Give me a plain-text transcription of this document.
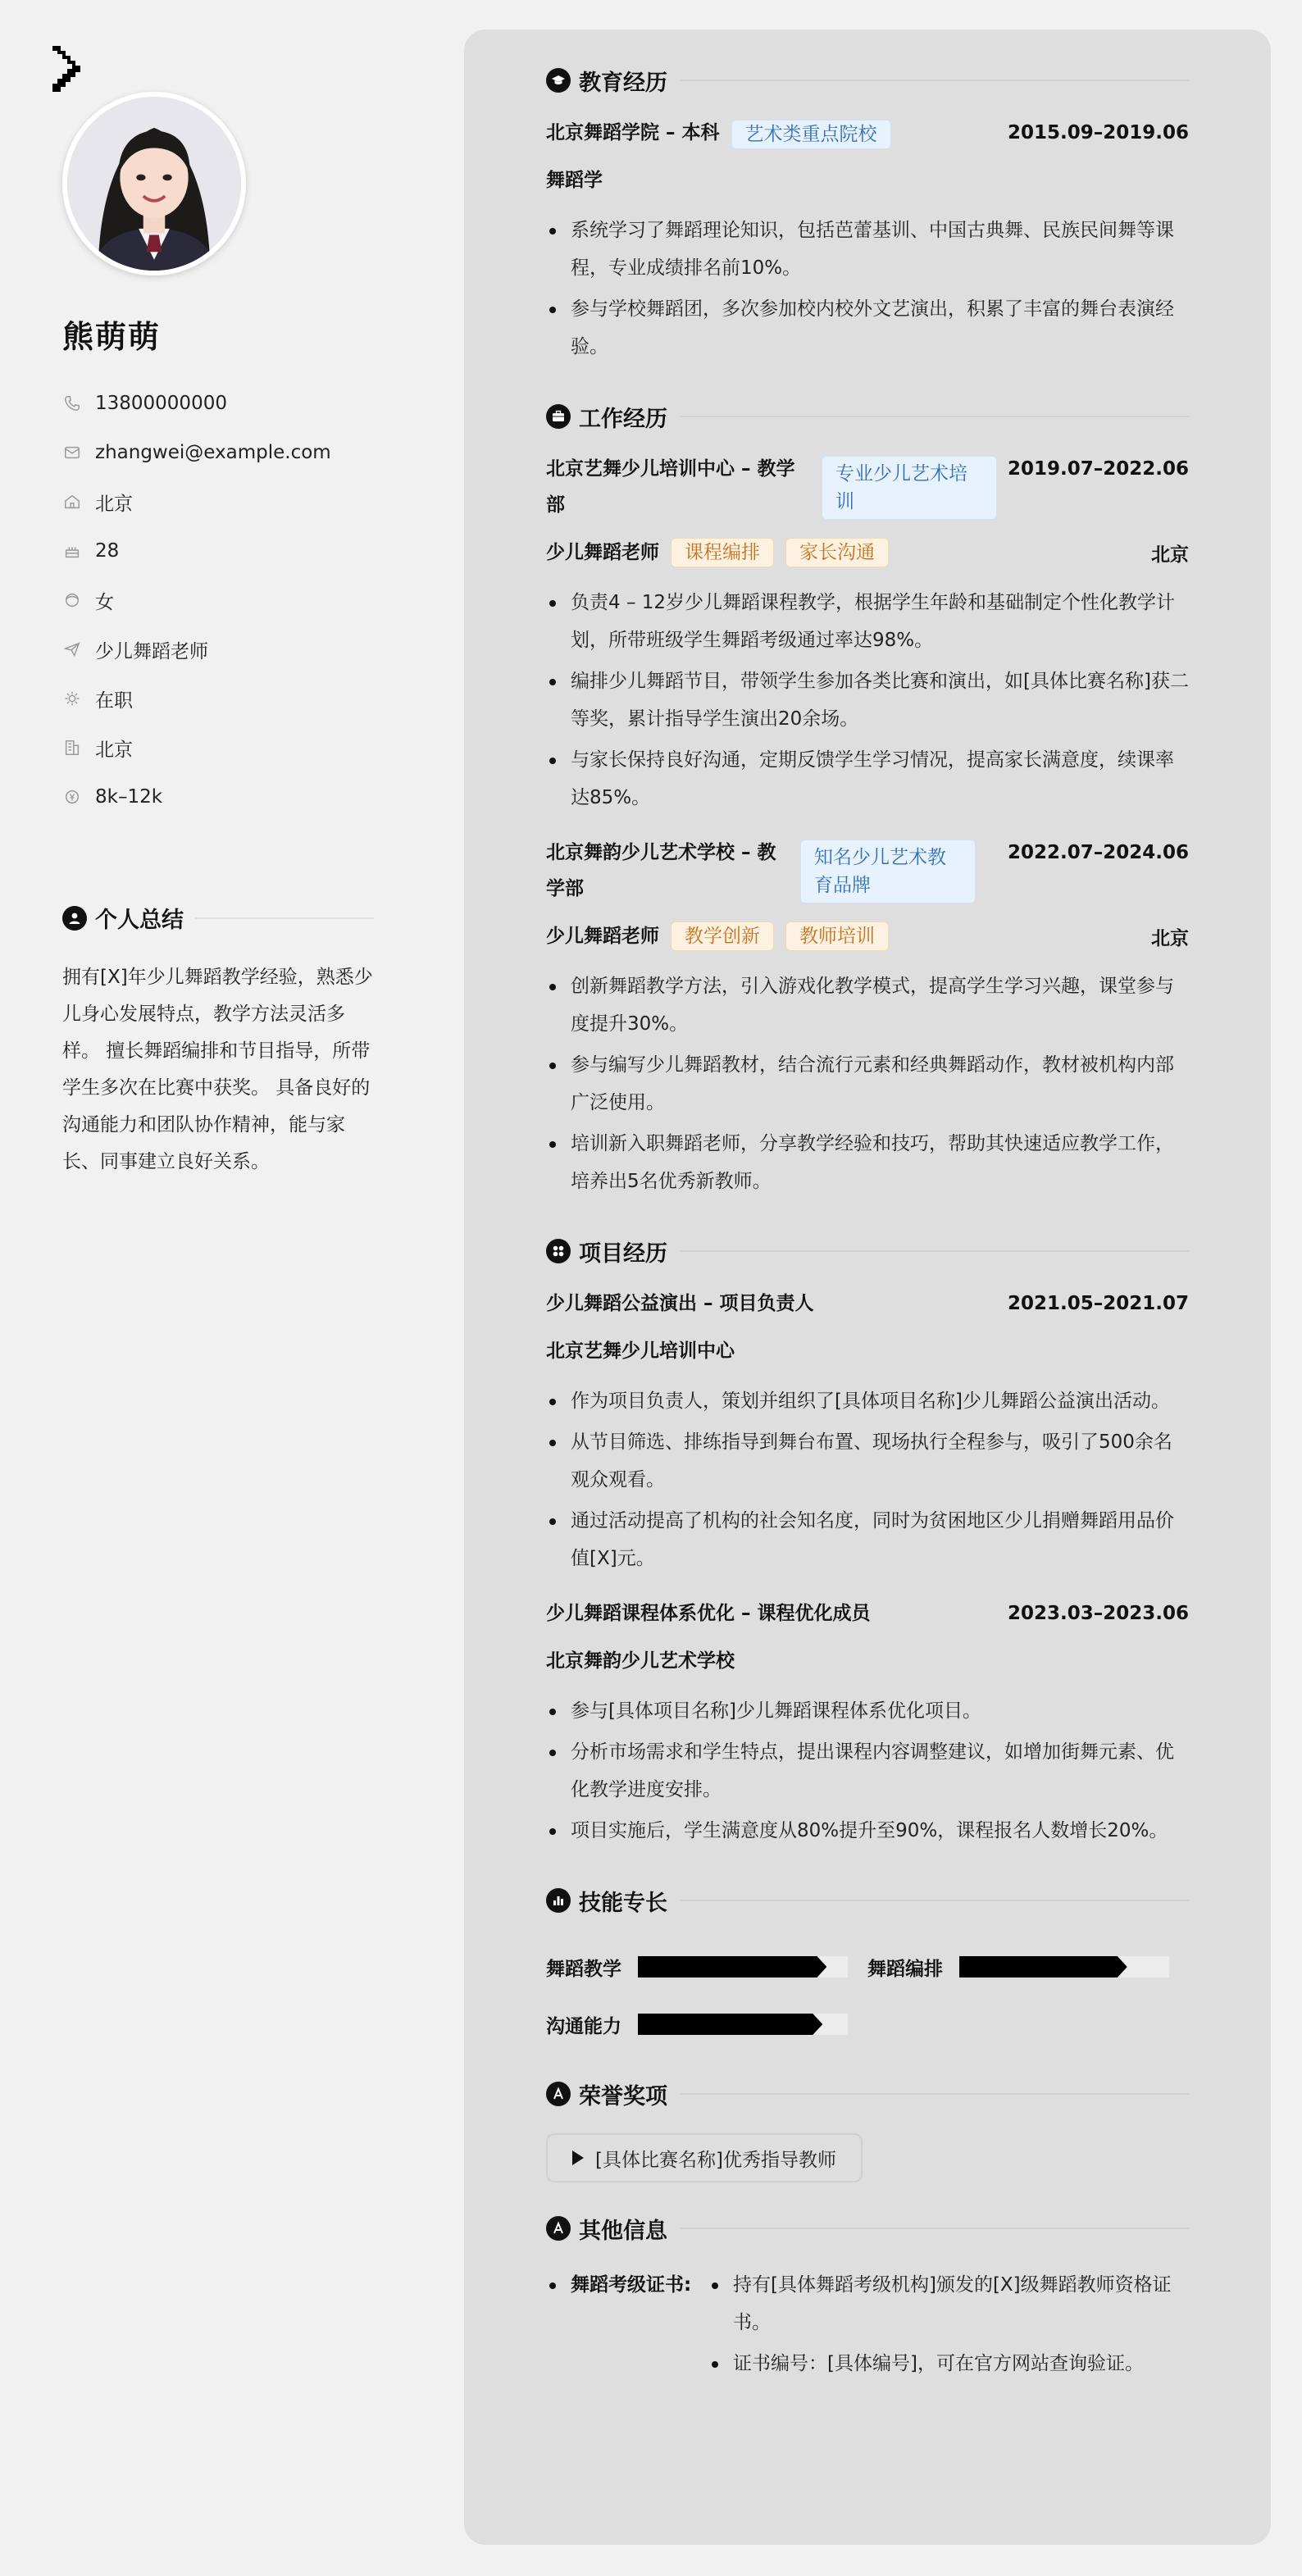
熊萌萌
13800000000
zhangwei@example.com
北京
28
女
少儿舞蹈老师
在职
北京
8k–12k
个人总结
拥有[X]年少儿舞蹈教学经验，熟悉少儿身心发展特点，教学方法灵活多样。 擅长舞蹈编排和节目指导，所带学生多次在比赛中获奖。 具备良好的沟通能力和团队协作精神，能与家长、同事建立良好关系。
教育经历
北京舞蹈学院 – 本科	艺术类重点院校	2015.09–2019.06
舞蹈学
系统学习了舞蹈理论知识，包括芭蕾基训、中国古典舞、民族民间舞等课程，专业成绩排名前10%。
参与学校舞蹈团，多次参加校内校外文艺演出，积累了丰富的舞台表演经验。
工作经历
北京艺舞少儿培训中心 – 教学部
专业少儿艺术培训
2019.07–2022.06
少儿舞蹈老师	课程编排	家长沟通	北京
负责4 – 12岁少儿舞蹈课程教学，根据学生年龄和基础制定个性化教学计划，所带班级学生舞蹈考级通过率达98%。
编排少儿舞蹈节目，带领学生参加各类比赛和演出，如[具体比赛名称]获二等奖，累计指导学生演出20余场。
与家长保持良好沟通，定期反馈学生学习情况，提高家长满意度，续课率达85%。
北京舞韵少儿艺术学校 – 教学部
知名少儿艺术教育品牌
2022.07–2024.06
少儿舞蹈老师	教学创新	教师培训	北京
创新舞蹈教学方法，引入游戏化教学模式，提高学生学习兴趣，课堂参与度提升30%。
参与编写少儿舞蹈教材，结合流行元素和经典舞蹈动作，教材被机构内部广泛使用。
培训新入职舞蹈老师，分享教学经验和技巧，帮助其快速适应教学工作，培养出5名优秀新教师。
项目经历
少儿舞蹈公益演出 – 项目负责人	2021.05–2021.07
北京艺舞少儿培训中心
作为项目负责人，策划并组织了[具体项目名称]少儿舞蹈公益演出活动。
从节目筛选、排练指导到舞台布置、现场执行全程参与，吸引了500余名观众观看。
通过活动提高了机构的社会知名度，同时为贫困地区少儿捐赠舞蹈用品价值[X]元。
少儿舞蹈课程体系优化 – 课程优化成员	2023.03–2023.06
北京舞韵少儿艺术学校
参与[具体项目名称]少儿舞蹈课程体系优化项目。
分析市场需求和学生特点，提出课程内容调整建议，如增加街舞元素、优化教学进度安排。
项目实施后，学生满意度从80%提升至90%，课程报名人数增长20%。
技能专长
舞蹈教学	舞蹈编排
沟通能力
荣誉奖项
[具体比赛名称]优秀指导教师
其他信息
舞蹈考级证书:	持有[具体舞蹈考级机构]颁发的[X]级舞蹈教师资格证书。
证书编号：[具体编号]，可在官方网站查询验证。
